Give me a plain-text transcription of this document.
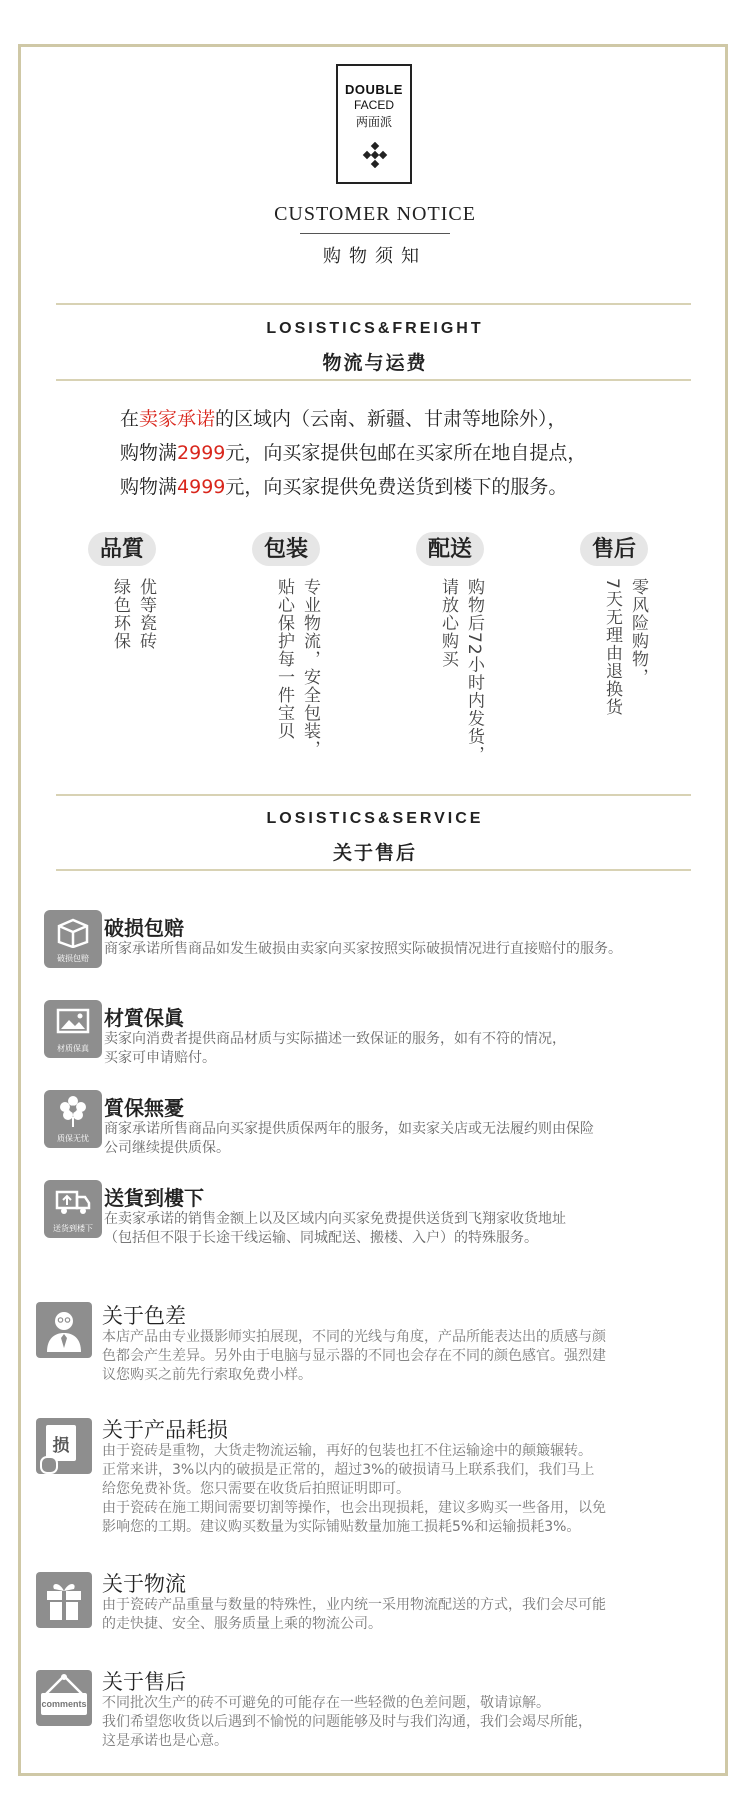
DOUBLE
FACED
两面派
CUSTOMER NOTICE
购物须知
LOSISTICS&FREIGHT
物流与运费
在卖家承诺的区域内（云南、新疆、甘肃等地除外），
购物满2999元，向买家提供包邮在买家所在地自提点，
购物满4999元，向买家提供免费送货到楼下的服务。
品質
优等瓷砖
绿色环保
包装
专业物流，安全包装，
贴心保护每一件宝贝
配送
购物后72小时内发货，
请放心购买
售后
零风险购物，
7天无理由退换货
LOSISTICS&SERVICE
关于售后
破损包赔
破损包赔
商家承诺所售商品如发生破损由卖家向买家按照实际破损情况进行直接赔付的服务。
材质保真
材質保眞
卖家向消费者提供商品材质与实际描述一致保证的服务，如有不符的情况，
买家可申请赔付。
质保无忧
質保無憂
商家承诺所售商品向买家提供质保两年的服务，如卖家关店或无法履约则由保险
公司继续提供质保。
送货到楼下
送貨到樓下
在卖家承诺的销售金额上以及区域内向买家免费提供送货到飞翔家收货地址
（包括但不限于长途干线运输、同城配送、搬楼、入户）的特殊服务。
关于色差
本店产品由专业摄影师实拍展现，不同的光线与角度，产品所能表达出的质感与颜
色都会产生差异。另外由于电脑与显示器的不同也会存在不同的颜色感官。强烈建
议您购买之前先行索取免费小样。
损
关于产品耗损
由于瓷砖是重物，大货走物流运输，再好的包装也扛不住运输途中的颠簸辗转。
正常来讲，3%以内的破损是正常的，超过3%的破损请马上联系我们，我们马上
给您免费补货。您只需要在收货后拍照证明即可。
由于瓷砖在施工期间需要切割等操作，也会出现损耗，建议多购买一些备用，以免
影响您的工期。建议购买数量为实际铺贴数量加施工损耗5%和运输损耗3%。
关于物流
由于瓷砖产品重量与数量的特殊性，业内统一采用物流配送的方式，我们会尽可能
的走快捷、安全、服务质量上乘的物流公司。
comments
关于售后
不同批次生产的砖不可避免的可能存在一些轻微的色差问题，敬请谅解。
我们希望您收货以后遇到不愉悦的问题能够及时与我们沟通，我们会竭尽所能，
这是承诺也是心意。
